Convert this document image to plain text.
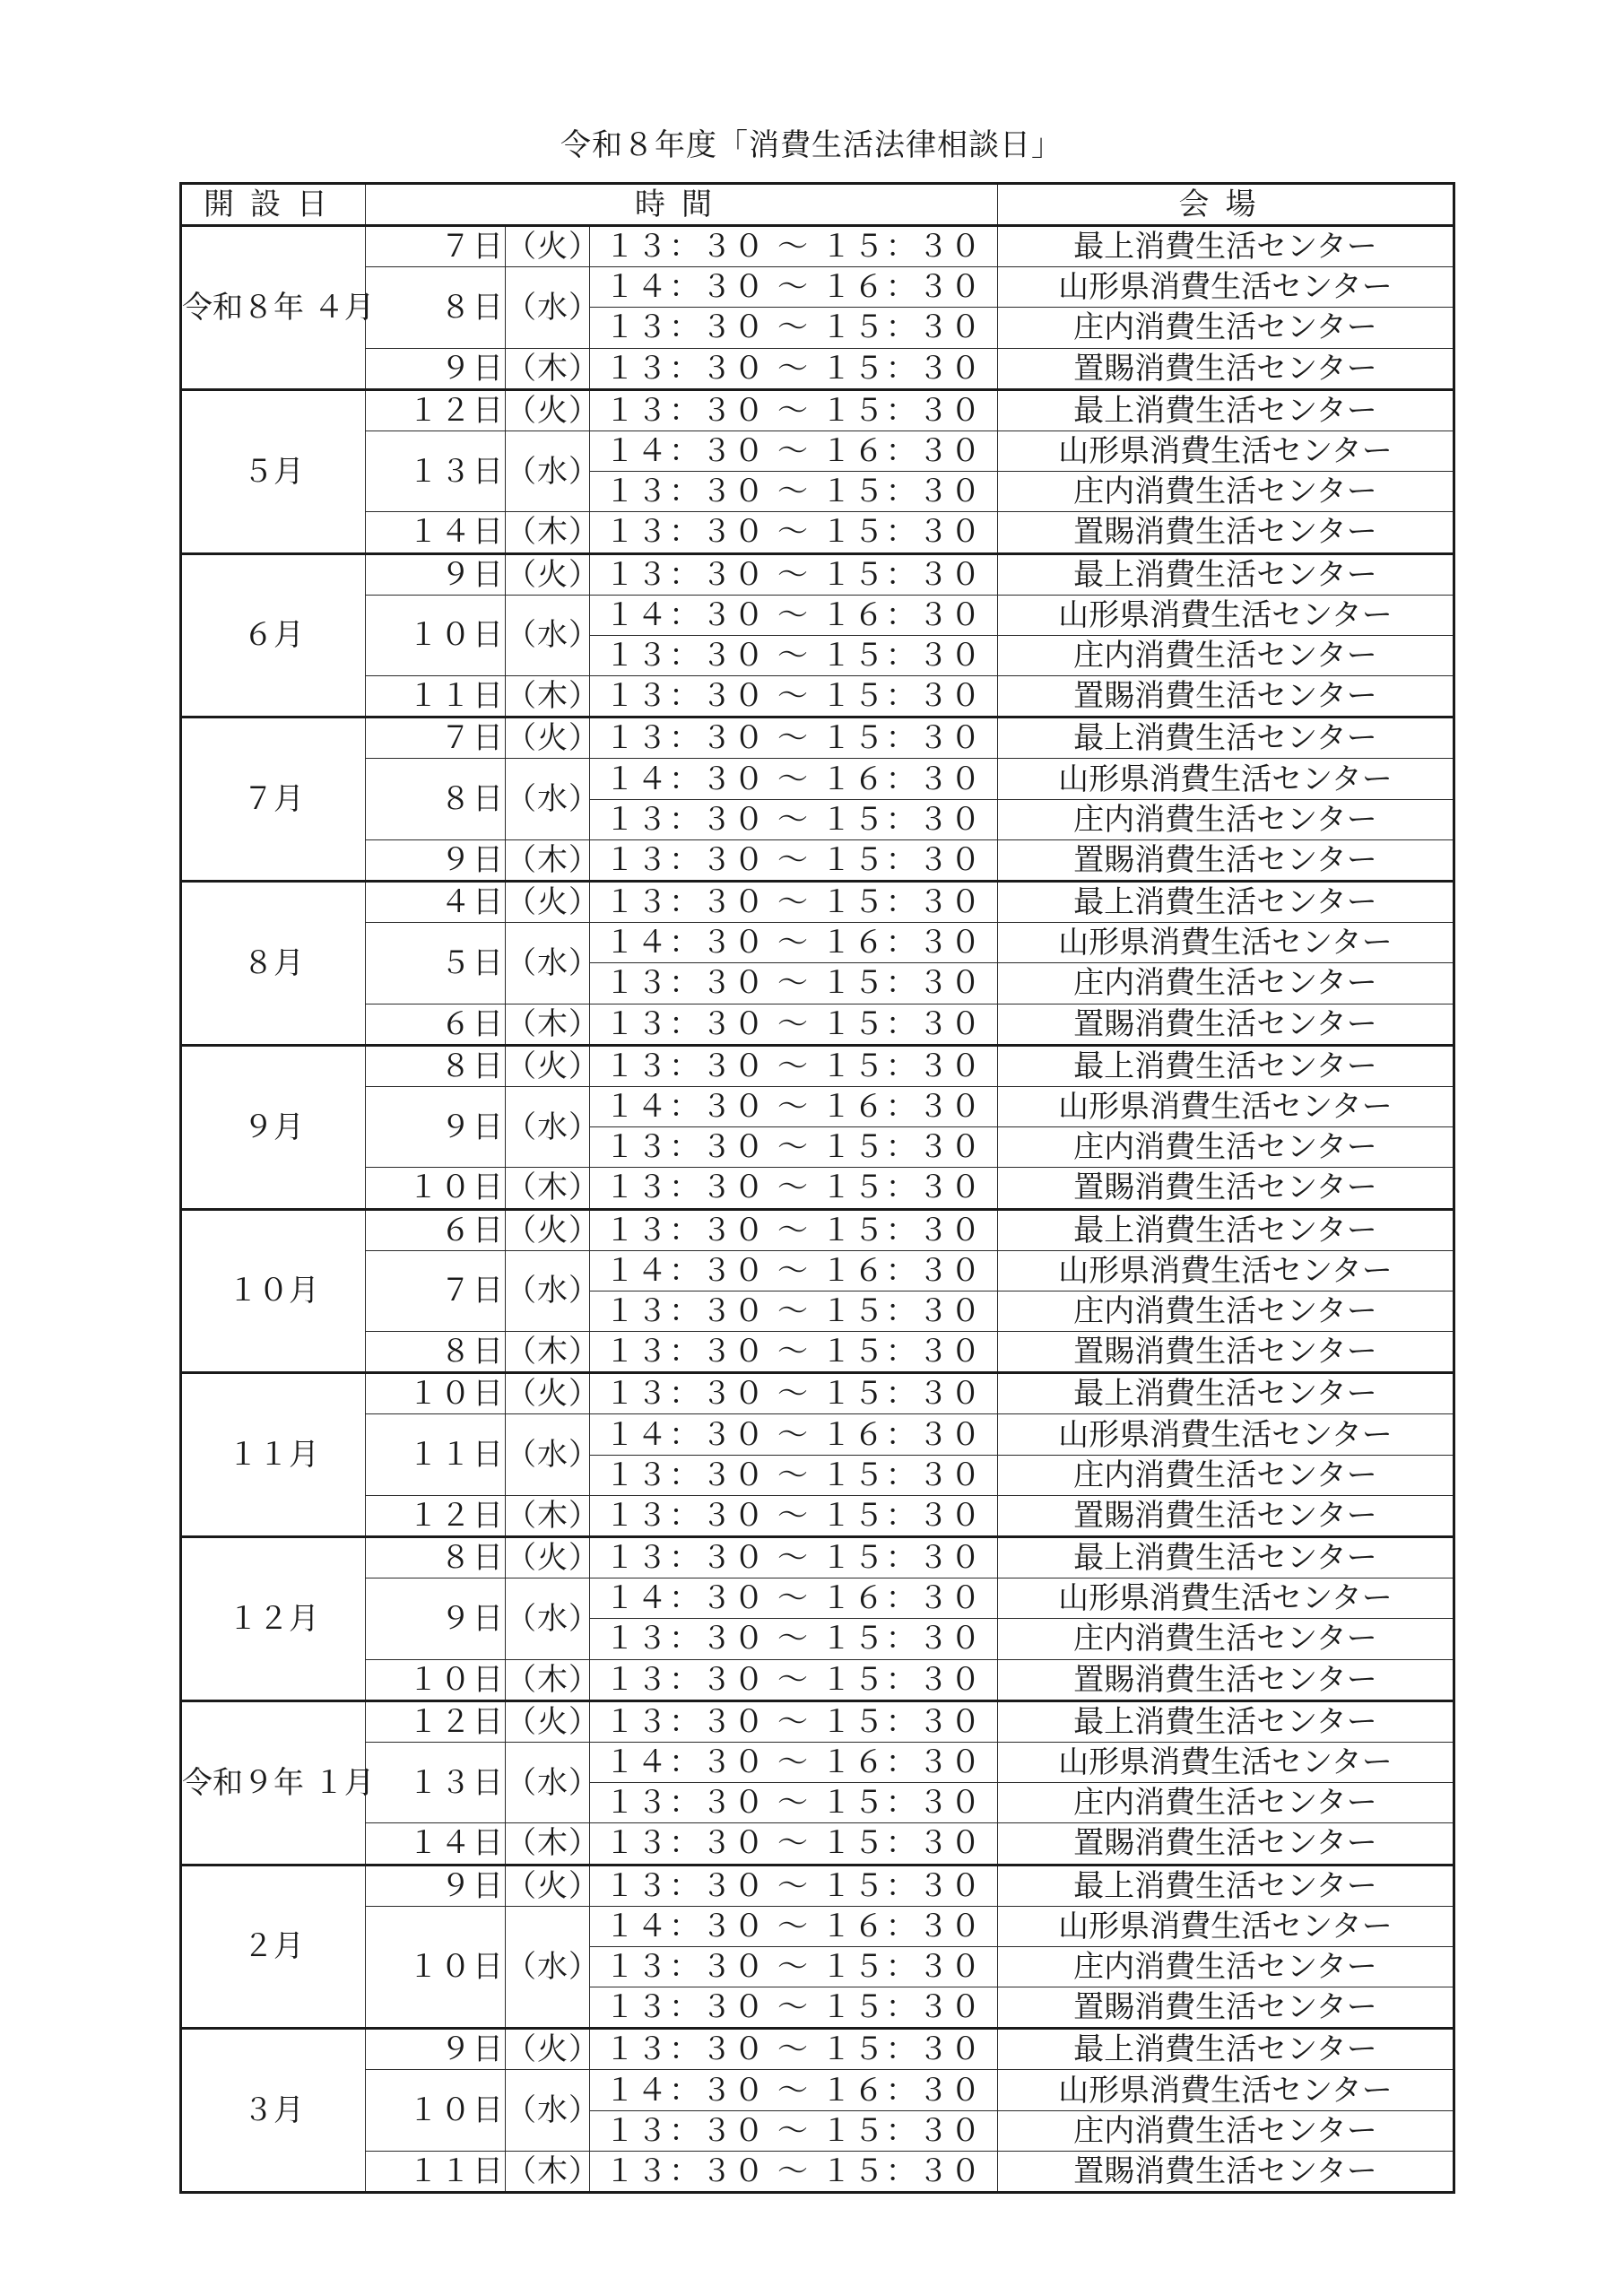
令和８年度「消費生活法律相談日」
開設日	時間			会場
令和８年 ４月	７日	（火）	１３：３０ ～ １５：３０	最上消費生活センター
	８日	（水）	１４：３０ ～ １６：３０	山形県消費生活センター
			１３：３０ ～ １５：３０	庄内消費生活センター
	９日	（木）	１３：３０ ～ １５：３０	置賜消費生活センター
５月	１２日	（火）	１３：３０ ～ １５：３０	最上消費生活センター
	１３日	（水）	１４：３０ ～ １６：３０	山形県消費生活センター
			１３：３０ ～ １５：３０	庄内消費生活センター
	１４日	（木）	１３：３０ ～ １５：３０	置賜消費生活センター
６月	９日	（火）	１３：３０ ～ １５：３０	最上消費生活センター
	１０日	（水）	１４：３０ ～ １６：３０	山形県消費生活センター
			１３：３０ ～ １５：３０	庄内消費生活センター
	１１日	（木）	１３：３０ ～ １５：３０	置賜消費生活センター
７月	７日	（火）	１３：３０ ～ １５：３０	最上消費生活センター
	８日	（水）	１４：３０ ～ １６：３０	山形県消費生活センター
			１３：３０ ～ １５：３０	庄内消費生活センター
	９日	（木）	１３：３０ ～ １５：３０	置賜消費生活センター
８月	４日	（火）	１３：３０ ～ １５：３０	最上消費生活センター
	５日	（水）	１４：３０ ～ １６：３０	山形県消費生活センター
			１３：３０ ～ １５：３０	庄内消費生活センター
	６日	（木）	１３：３０ ～ １５：３０	置賜消費生活センター
９月	８日	（火）	１３：３０ ～ １５：３０	最上消費生活センター
	９日	（水）	１４：３０ ～ １６：３０	山形県消費生活センター
			１３：３０ ～ １５：３０	庄内消費生活センター
	１０日	（木）	１３：３０ ～ １５：３０	置賜消費生活センター
１０月	６日	（火）	１３：３０ ～ １５：３０	最上消費生活センター
	７日	（水）	１４：３０ ～ １６：３０	山形県消費生活センター
			１３：３０ ～ １５：３０	庄内消費生活センター
	８日	（木）	１３：３０ ～ １５：３０	置賜消費生活センター
１１月	１０日	（火）	１３：３０ ～ １５：３０	最上消費生活センター
	１１日	（水）	１４：３０ ～ １６：３０	山形県消費生活センター
			１３：３０ ～ １５：３０	庄内消費生活センター
	１２日	（木）	１３：３０ ～ １５：３０	置賜消費生活センター
１２月	８日	（火）	１３：３０ ～ １５：３０	最上消費生活センター
	９日	（水）	１４：３０ ～ １６：３０	山形県消費生活センター
			１３：３０ ～ １５：３０	庄内消費生活センター
	１０日	（木）	１３：３０ ～ １５：３０	置賜消費生活センター
令和９年 １月	１２日	（火）	１３：３０ ～ １５：３０	最上消費生活センター
	１３日	（水）	１４：３０ ～ １６：３０	山形県消費生活センター
			１３：３０ ～ １５：３０	庄内消費生活センター
	１４日	（木）	１３：３０ ～ １５：３０	置賜消費生活センター
２月	９日	（火）	１３：３０ ～ １５：３０	最上消費生活センター
	１０日	（水）	１４：３０ ～ １６：３０	山形県消費生活センター
			１３：３０ ～ １５：３０	庄内消費生活センター
			１３：３０ ～ １５：３０	置賜消費生活センター
３月	９日	（火）	１３：３０ ～ １５：３０	最上消費生活センター
	１０日	（水）	１４：３０ ～ １６：３０	山形県消費生活センター
			１３：３０ ～ １５：３０	庄内消費生活センター
	１１日	（木）	１３：３０ ～ １５：３０	置賜消費生活センター
